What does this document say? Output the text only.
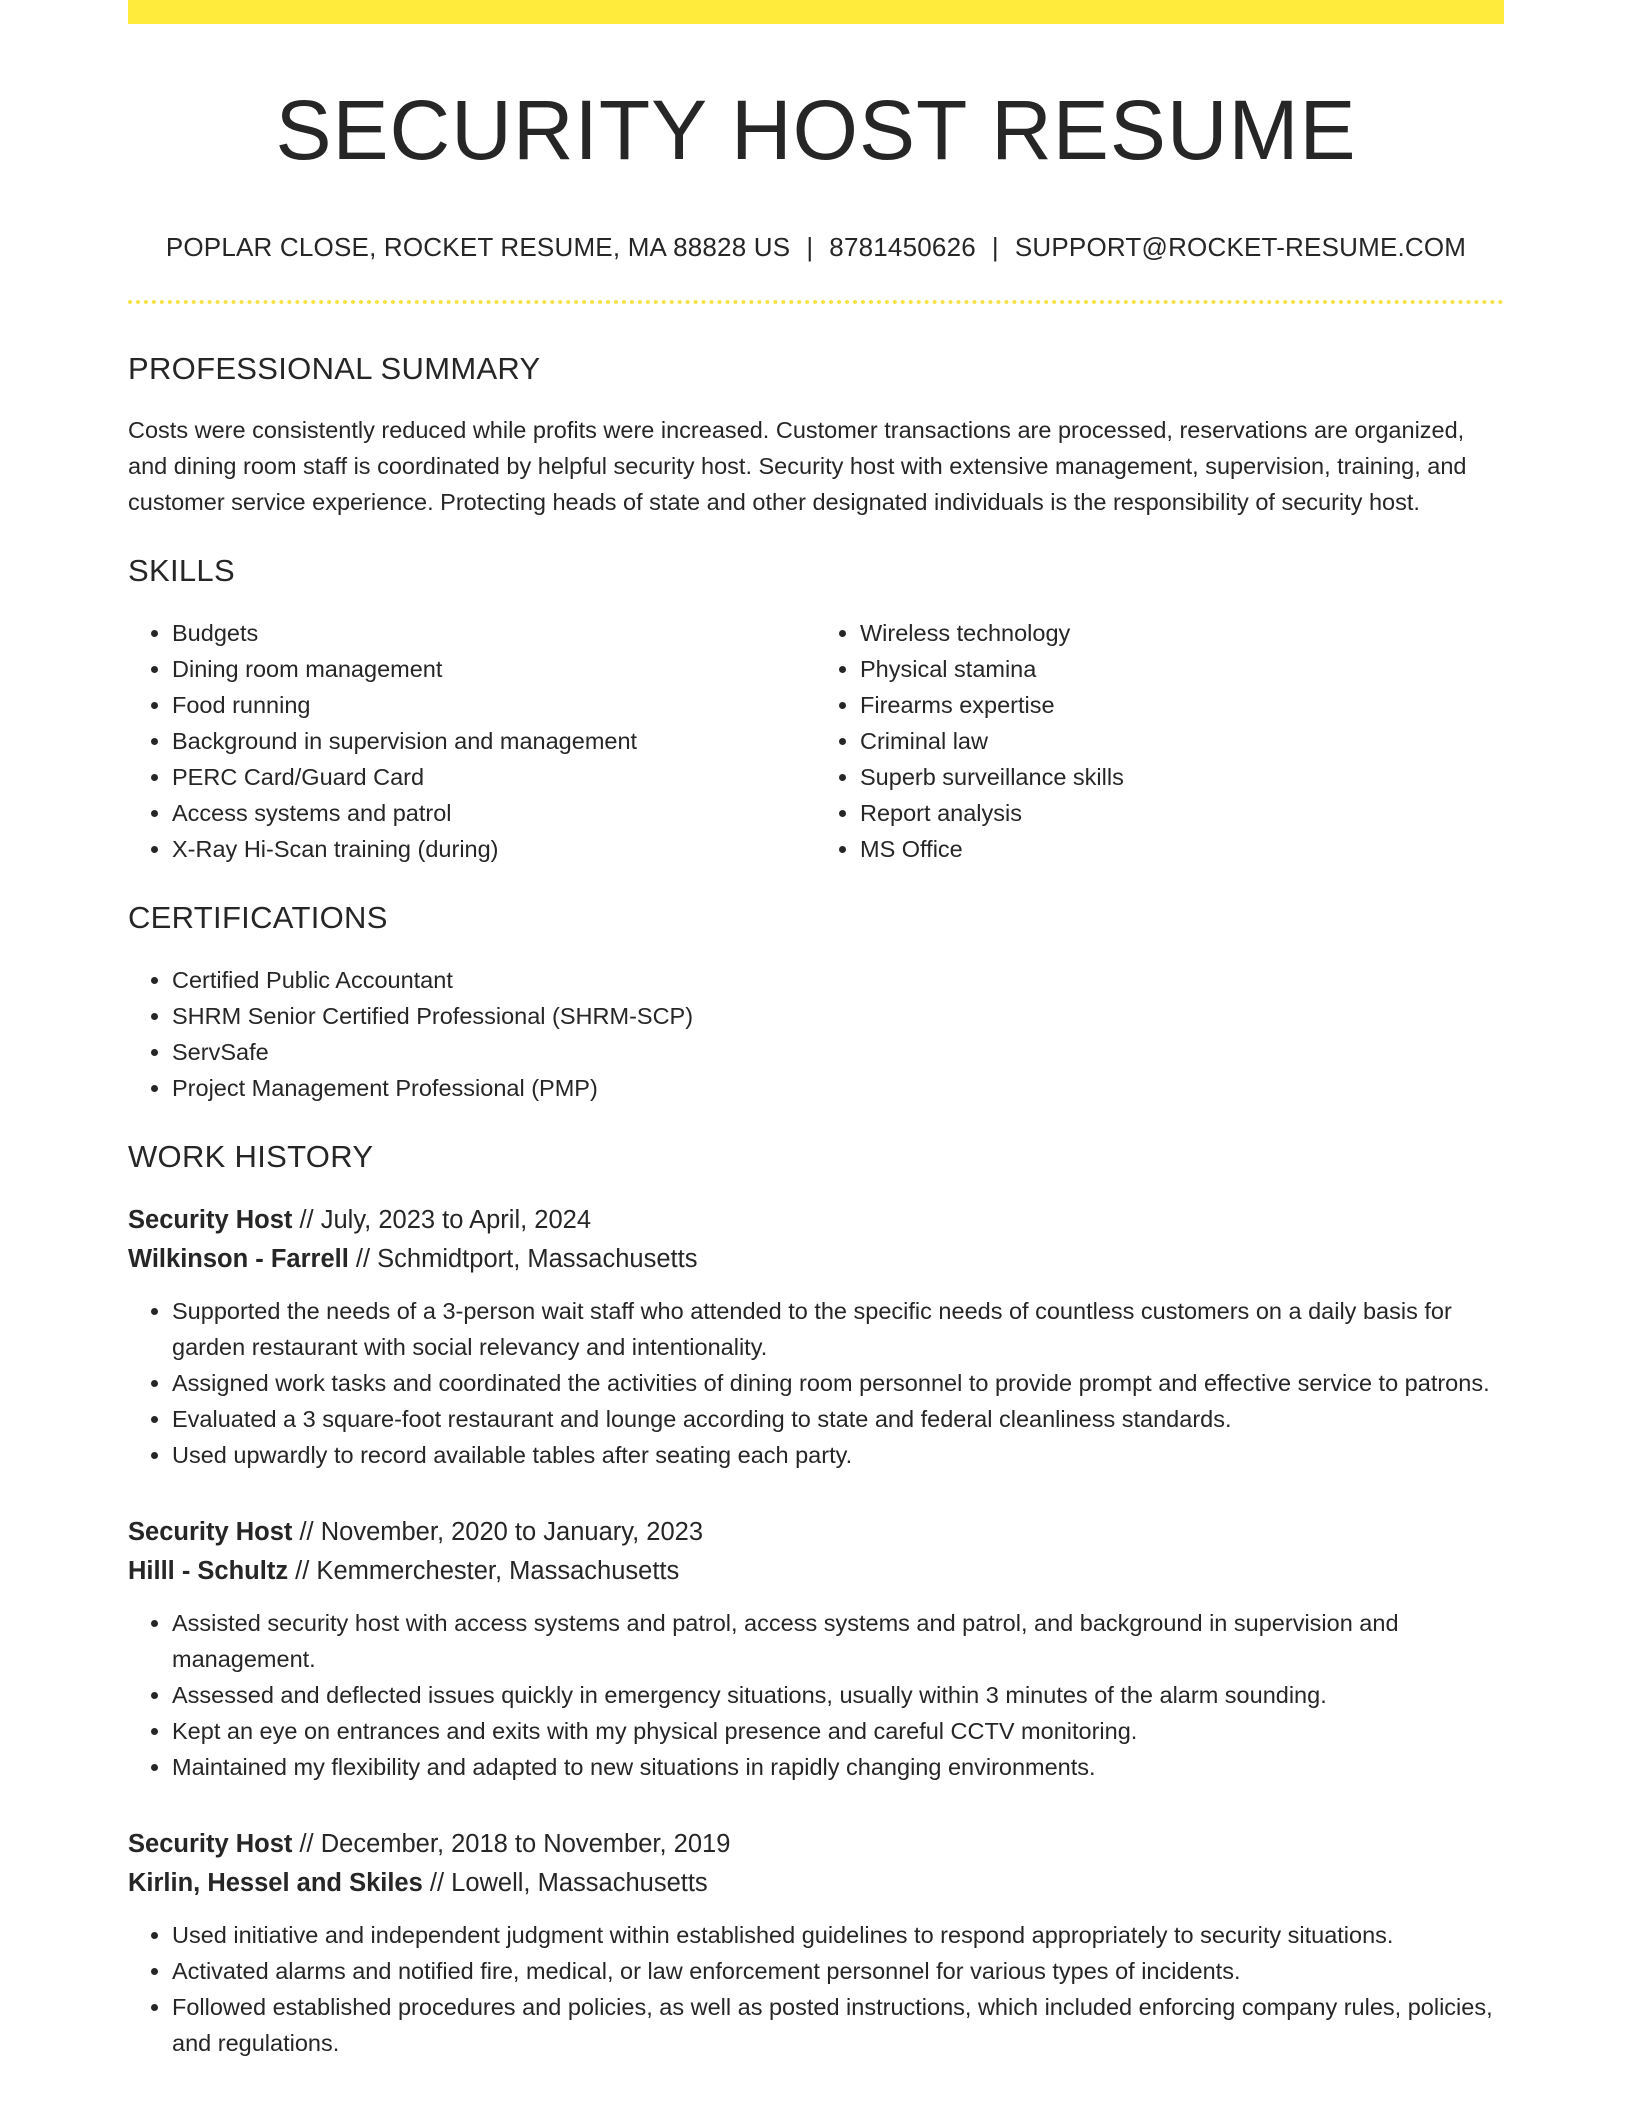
SECURITY HOST RESUME
POPLAR CLOSE, ROCKET RESUME, MA 88828 US | 8781450626 | SUPPORT@ROCKET-RESUME.COM
PROFESSIONAL SUMMARY

Costs were consistently reduced while profits were increased. Customer transactions are processed, reservations are organized, and dining room staff is coordinated by helpful security host. Security host with extensive management, supervision, training, and customer service experience. Protecting heads of state and other designated individuals is the responsibility of security host.

SKILLS
• Budgets
• Dining room management
• Food running
• Background in supervision and management
• PERC Card/Guard Card
• Access systems and patrol
• X-Ray Hi-Scan training (during)
• Wireless technology
• Physical stamina
• Firearms expertise
• Criminal law
• Superb surveillance skills
• Report analysis
• MS Office
CERTIFICATIONS
• Certified Public Accountant
• SHRM Senior Certified Professional (SHRM-SCP)
• ServSafe
• Project Management Professional (PMP)
WORK HISTORY
Security Host // July, 2023 to April, 2024
Wilkinson - Farrell // Schmidtport, Massachusetts
• Supported the needs of a 3-person wait staff who attended to the specific needs of countless customers on a daily basis for garden restaurant with social relevancy and intentionality.
• Assigned work tasks and coordinated the activities of dining room personnel to provide prompt and effective service to patrons.
• Evaluated a 3 square-foot restaurant and lounge according to state and federal cleanliness standards.
• Used upwardly to record available tables after seating each party.
Security Host // November, 2020 to January, 2023
Hilll - Schultz // Kemmerchester, Massachusetts
• Assisted security host with access systems and patrol, access systems and patrol, and background in supervision and management.
• Assessed and deflected issues quickly in emergency situations, usually within 3 minutes of the alarm sounding.
• Kept an eye on entrances and exits with my physical presence and careful CCTV monitoring.
• Maintained my flexibility and adapted to new situations in rapidly changing environments.
Security Host // December, 2018 to November, 2019
Kirlin, Hessel and Skiles // Lowell, Massachusetts
• Used initiative and independent judgment within established guidelines to respond appropriately to security situations.
• Activated alarms and notified fire, medical, or law enforcement personnel for various types of incidents.
• Followed established procedures and policies, as well as posted instructions, which included enforcing company rules, policies, and regulations.
